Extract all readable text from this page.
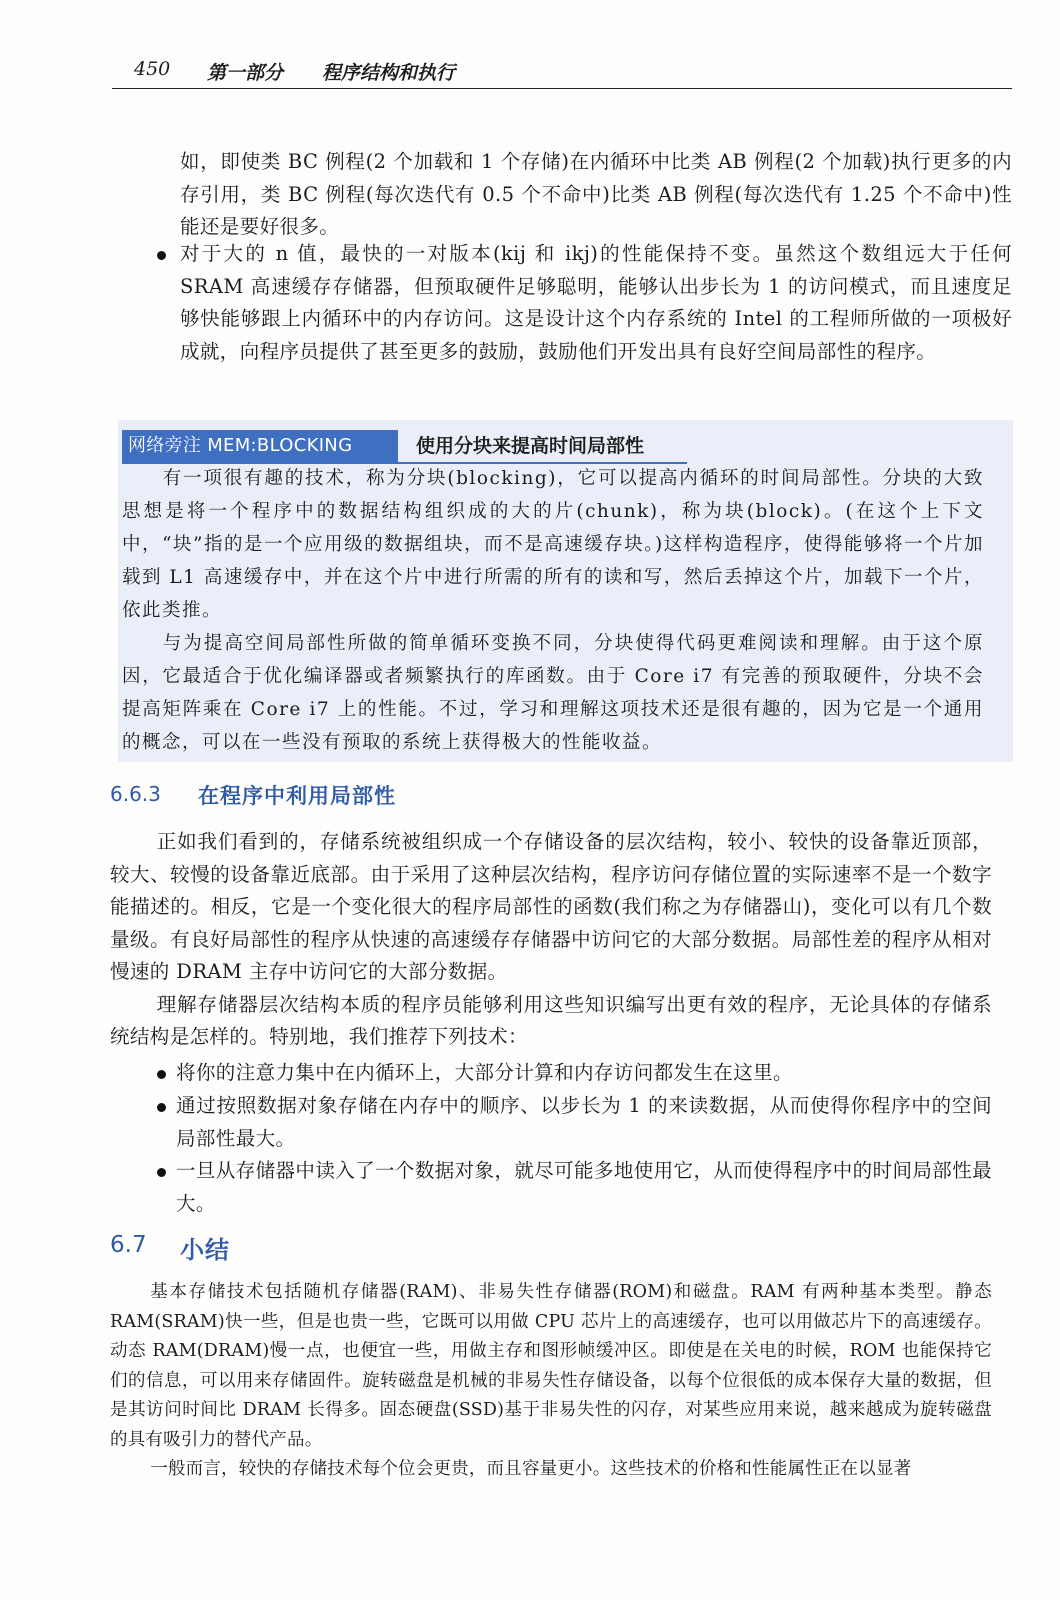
450 第一部分 程序结构和执行

如，即使类 BC 例程(2 个加载和 1 个存储)在内循环中比类 AB 例程(2 个加载)执行更多的内存引用，类 BC 例程(每次迭代有 0.5 个不命中)比类 AB 例程(每次迭代有 1.25 个不命中)性能还是要好很多。

对于大的 n 值，最快的一对版本(kij 和 ikj)的性能保持不变。虽然这个数组远大于任何 SRAM 高速缓存存储器，但预取硬件足够聪明，能够认出步长为 1 的访问模式，而且速度足够快能够跟上内循环中的内存访问。这是设计这个内存系统的 Intel 的工程师所做的一项极好成就，向程序员提供了甚至更多的鼓励，鼓励他们开发出具有良好空间局部性的程序。

网络旁注 MEM:BLOCKING	使用分块来提高时间局部性

有一项很有趣的技术，称为分块(blocking)，它可以提高内循环的时间局部性。分块的大致思想是将一个程序中的数据结构组织成的大的片(chunk)，称为块(block)。(在这个上下文中，“块”指的是一个应用级的数据组块，而不是高速缓存块。)这样构造程序，使得能够将一个片加载到 L1 高速缓存中，并在这个片中进行所需的所有的读和写，然后丢掉这个片，加载下一个片，依此类推。

与为提高空间局部性所做的简单循环变换不同，分块使得代码更难阅读和理解。由于这个原因，它最适合于优化编译器或者频繁执行的库函数。由于 Core i7 有完善的预取硬件，分块不会提高矩阵乘在 Core i7 上的性能。不过，学习和理解这项技术还是很有趣的，因为它是一个通用的概念，可以在一些没有预取的系统上获得极大的性能收益。

6.6.3 在程序中利用局部性

正如我们看到的，存储系统被组织成一个存储设备的层次结构，较小、较快的设备靠近顶部，较大、较慢的设备靠近底部。由于采用了这种层次结构，程序访问存储位置的实际速率不是一个数字能描述的。相反，它是一个变化很大的程序局部性的函数(我们称之为存储器山)，变化可以有几个数量级。有良好局部性的程序从快速的高速缓存存储器中访问它的大部分数据。局部性差的程序从相对慢速的 DRAM 主存中访问它的大部分数据。

理解存储器层次结构本质的程序员能够利用这些知识编写出更有效的程序，无论具体的存储系统结构是怎样的。特别地，我们推荐下列技术：

将你的注意力集中在内循环上，大部分计算和内存访问都发生在这里。

通过按照数据对象存储在内存中的顺序、以步长为 1 的来读数据，从而使得你程序中的空间局部性最大。

一旦从存储器中读入了一个数据对象，就尽可能多地使用它，从而使得程序中的时间局部性最大。

6.7 小结

基本存储技术包括随机存储器(RAM)、非易失性存储器(ROM)和磁盘。RAM 有两种基本类型。静态 RAM(SRAM)快一些，但是也贵一些，它既可以用做 CPU 芯片上的高速缓存，也可以用做芯片下的高速缓存。动态 RAM(DRAM)慢一点，也便宜一些，用做主存和图形帧缓冲区。即使是在关电的时候，ROM 也能保持它们的信息，可以用来存储固件。旋转磁盘是机械的非易失性存储设备，以每个位很低的成本保存大量的数据，但是其访问时间比 DRAM 长得多。固态硬盘(SSD)基于非易失性的闪存，对某些应用来说，越来越成为旋转磁盘的具有吸引力的替代产品。

一般而言，较快的存储技术每个位会更贵，而且容量更小。这些技术的价格和性能属性正在以显著
